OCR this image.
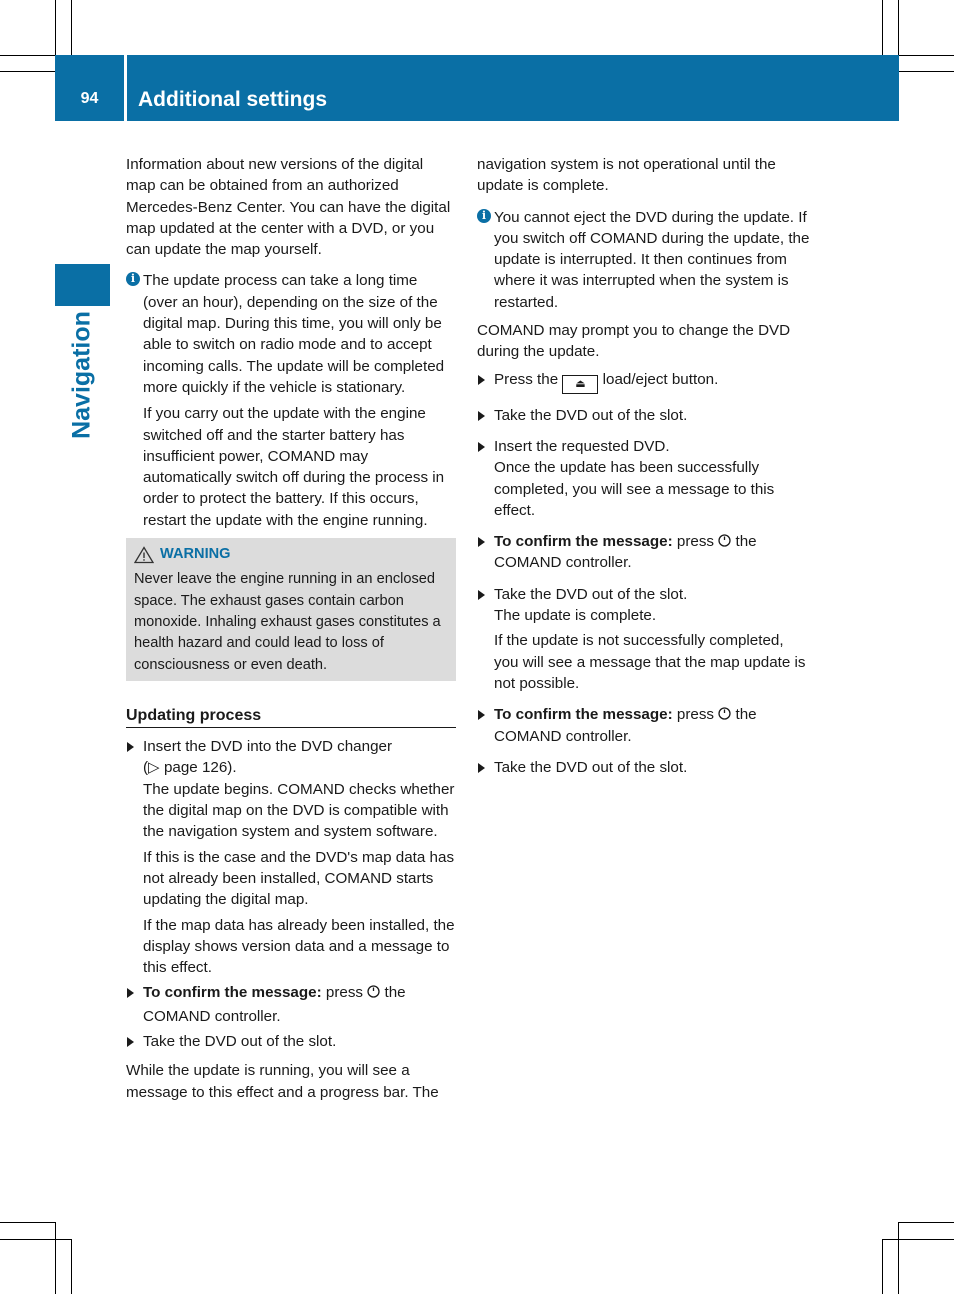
94	Additional settings
Navigation

Information about new versions of the digital map can be obtained from an authorized Mercedes-Benz Center. You can have the digital map updated at the center with a DVD, or you can update the map yourself.

i

The update process can take a long time (over an hour), depending on the size of the digital map. During this time, you will only be able to switch on radio mode and to accept incoming calls. The update will be completed more quickly if the vehicle is stationary.

If you carry out the update with the engine switched off and the starter battery has insufficient power, COMAND may automatically switch off during the process in order to protect the battery. If this occurs, restart the update with the engine running.

WARNING

Never leave the engine running in an enclosed space. The exhaust gases contain carbon monoxide. Inhaling exhaust gases constitutes a health hazard and could lead to loss of consciousness or even death.

Updating process

Insert the DVD into the DVD changer

(▷ page 126).

The update begins. COMAND checks whether the digital map on the DVD is compatible with the navigation system and system software.

If this is the case and the DVD's map data has not already been installed, COMAND starts updating the digital map.

If the map data has already been installed, the display shows version data and a message to this effect.

To confirm the message: press the

COMAND controller.

Take the DVD out of the slot.

While the update is running, you will see a message to this effect and a progress bar. The

navigation system is not operational until the update is complete.

i

You cannot eject the DVD during the update. If you switch off COMAND during the update, the update is interrupted. It then continues from where it was interrupted when the system is restarted.

COMAND may prompt you to change the DVD during the update.

Press the ⏏ load/eject button.

Take the DVD out of the slot.

Insert the requested DVD.

Once the update has been successfully completed, you will see a message to this effect.

To confirm the message: press the

COMAND controller.

Take the DVD out of the slot.

The update is complete.

If the update is not successfully completed, you will see a message that the map update is not possible.

To confirm the message: press the

COMAND controller.

Take the DVD out of the slot.
